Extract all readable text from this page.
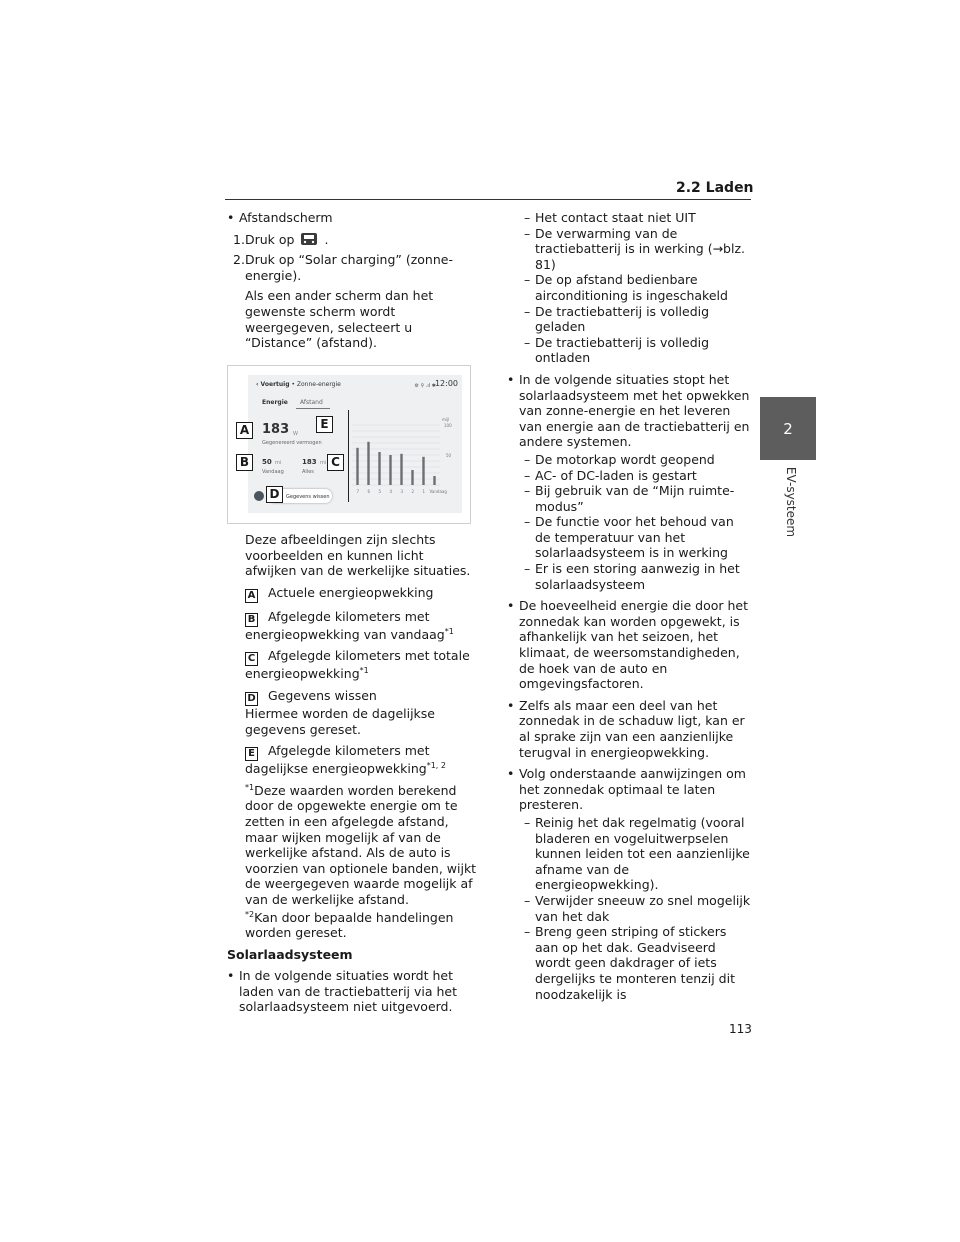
2.2 Laden
2
EV-systeem
• Afstandscherm
1. Druk op .
2. Druk op “Solar charging” (zonne-energie).
Als een ander scherm dan het gewenste scherm wordt weergegeven, selecteert u “Distance” (afstand).
‹ Voertuig • Zonne-energie	⚙ ⚲ .ıl ✱
12:00
Energie Afstand
183 W
Gegenereerd vermogen
50 mi
Vandaag
183 mi
Alles
Gegevens wissen
mijl
100
50
7 6 5 4 3 2 1 Vandaag
A
B	C
D
E
Deze afbeeldingen zijn slechts voorbeelden en kunnen licht afwijken van de werkelijke situaties.
A Actuele energieopwekking
B Afgelegde kilometers met energieopwekking van vandaag$^{*1}$
C Afgelegde kilometers met totale energieopwekking$^{*1}$
D Gegevens wissen
Hiermee worden de dagelijkse gegevens gereset.
E Afgelegde kilometers met dagelijkse energieopwekking$^{*1, 2}$
$^{*1}$Deze waarden worden berekend door de opgewekte energie om te zetten in een afgelegde afstand, maar wijken mogelijk af van de werkelijke afstand. Als de auto is voorzien van optionele banden, wijkt de weergegeven waarde mogelijk af van de werkelijke afstand.
$^{*2}$Kan door bepaalde handelingen worden gereset.
Solarlaadsysteem
• In de volgende situaties wordt het laden van de tractiebatterij via het solarlaadsysteem niet uitgevoerd.
– Het contact staat niet UIT
– De verwarming van de tractiebatterij is in werking (→blz. 81)
– De op afstand bedienbare airconditioning is ingeschakeld
– De tractiebatterij is volledig geladen
– De tractiebatterij is volledig ontladen
• In de volgende situaties stopt het solarlaadsysteem met het opwekken van zonne-energie en het leveren van energie aan de tractiebatterij en andere systemen.
– De motorkap wordt geopend
– AC- of DC-laden is gestart
– Bij gebruik van de “Mijn ruimte-modus”
– De functie voor het behoud van de temperatuur van het solarlaadsysteem is in werking
– Er is een storing aanwezig in het solarlaadsysteem
• De hoeveelheid energie die door het zonnedak kan worden opgewekt, is afhankelijk van het seizoen, het klimaat, de weersomstandigheden, de hoek van de auto en omgevingsfactoren.
• Zelfs als maar een deel van het zonnedak in de schaduw ligt, kan er al sprake zijn van een aanzienlijke terugval in energieopwekking.
• Volg onderstaande aanwijzingen om het zonnedak optimaal te laten presteren.
– Reinig het dak regelmatig (vooral bladeren en vogeluitwerpselen kunnen leiden tot een aanzienlijke afname van de energieopwekking).
– Verwijder sneeuw zo snel mogelijk van het dak
– Breng geen striping of stickers aan op het dak. Geadviseerd wordt geen dakdrager of iets dergelijks te monteren tenzij dit noodzakelijk is
113
